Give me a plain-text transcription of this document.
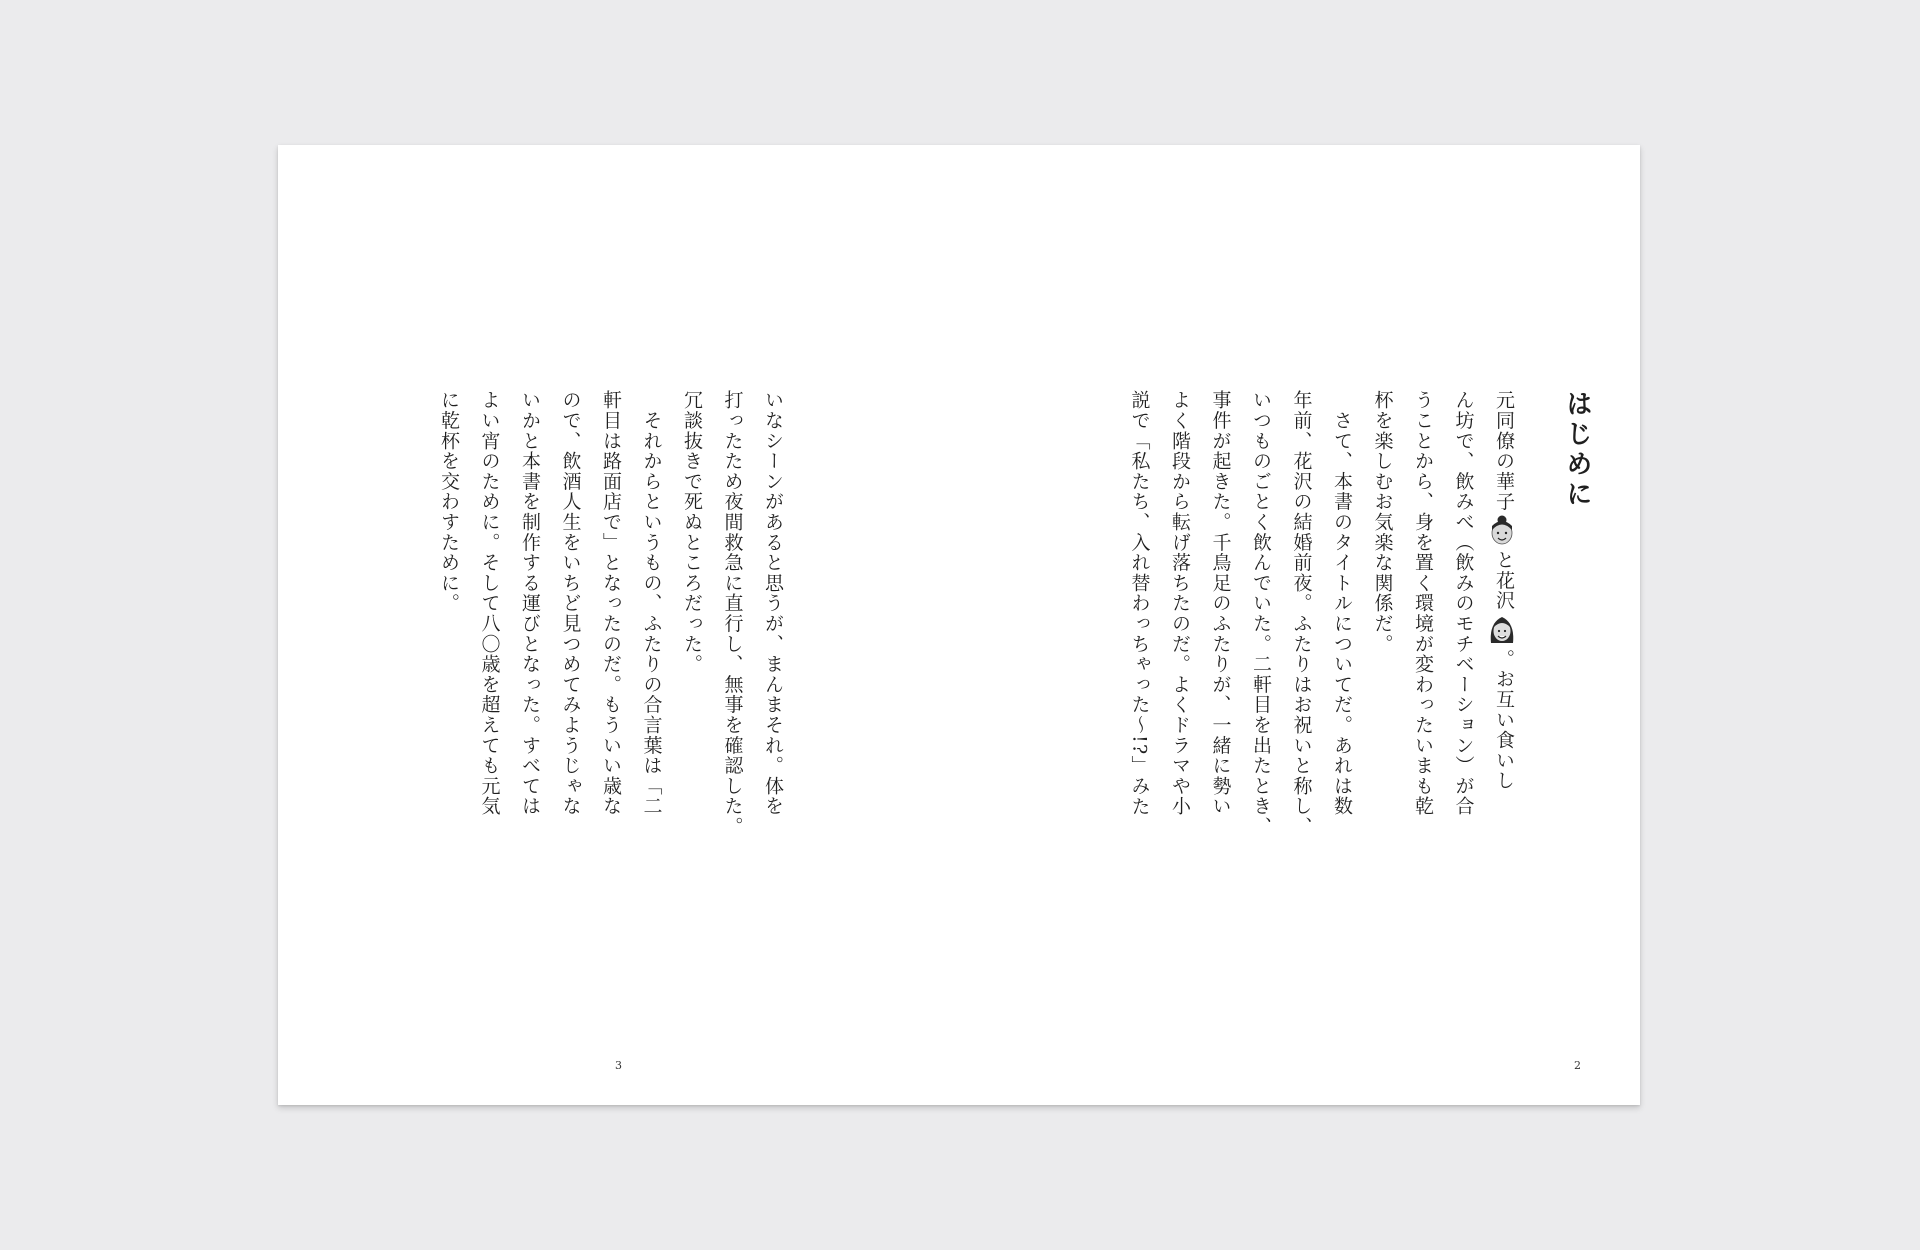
いなシーンがあると思うが、まんまそれ。体を
打ったため夜間救急に直行し、無事を確認した。
冗談抜きで死ぬところだった。
　それからというもの、ふたりの合言葉は「二
軒目は路面店で」となったのだ。もういい歳な
ので、飲酒人生をいちど見つめてみようじゃな
いかと本書を制作する運びとなった。すべては
よい宵のために。そして八〇歳を超えても元気
に乾杯を交わすために。
3
はじめに
元同僚の華子と花沢。お互い食いし
ん坊で、飲みべ（飲みのモチベーション）が合
うことから、身を置く環境が変わったいまも乾
杯を楽しむお気楽な関係だ。
　さて、本書のタイトルについてだ。あれは数
年前、花沢の結婚前夜。ふたりはお祝いと称し、
いつものごとく飲んでいた。二軒目を出たとき、
事件が起きた。千鳥足のふたりが、一緒に勢い
よく階段から転げ落ちたのだ。よくドラマや小
説で「私たち、入れ替わっちゃった～!?」みた
2
